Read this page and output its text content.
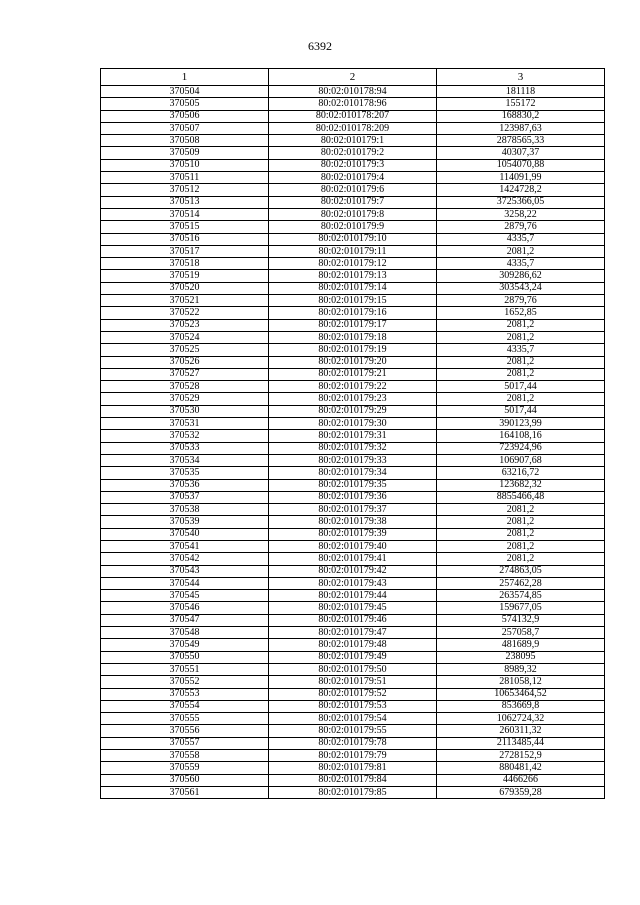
6392
1	2	3
370504	80:02:010178:94	181118
370505	80:02:010178:96	155172
370506	80:02:010178:207	168830,2
370507	80:02:010178:209	123987,63
370508	80:02:010179:1	2878565,33
370509	80:02:010179:2	40307,37
370510	80:02:010179:3	1054070,88
370511	80:02:010179:4	114091,99
370512	80:02:010179:6	1424728,2
370513	80:02:010179:7	3725366,05
370514	80:02:010179:8	3258,22
370515	80:02:010179:9	2879,76
370516	80:02:010179:10	4335,7
370517	80:02:010179:11	2081,2
370518	80:02:010179:12	4335,7
370519	80:02:010179:13	309286,62
370520	80:02:010179:14	303543,24
370521	80:02:010179:15	2879,76
370522	80:02:010179:16	1652,85
370523	80:02:010179:17	2081,2
370524	80:02:010179:18	2081,2
370525	80:02:010179:19	4335,7
370526	80:02:010179:20	2081,2
370527	80:02:010179:21	2081,2
370528	80:02:010179:22	5017,44
370529	80:02:010179:23	2081,2
370530	80:02:010179:29	5017,44
370531	80:02:010179:30	390123,99
370532	80:02:010179:31	164108,16
370533	80:02:010179:32	723924,96
370534	80:02:010179:33	106907,68
370535	80:02:010179:34	63216,72
370536	80:02:010179:35	123682,32
370537	80:02:010179:36	8855466,48
370538	80:02:010179:37	2081,2
370539	80:02:010179:38	2081,2
370540	80:02:010179:39	2081,2
370541	80:02:010179:40	2081,2
370542	80:02:010179:41	2081,2
370543	80:02:010179:42	274863,05
370544	80:02:010179:43	257462,28
370545	80:02:010179:44	263574,85
370546	80:02:010179:45	159677,05
370547	80:02:010179:46	574132,9
370548	80:02:010179:47	257058,7
370549	80:02:010179:48	481689,9
370550	80:02:010179:49	238095
370551	80:02:010179:50	8989,32
370552	80:02:010179:51	281058,12
370553	80:02:010179:52	10653464,52
370554	80:02:010179:53	853669,8
370555	80:02:010179:54	1062724,32
370556	80:02:010179:55	260311,32
370557	80:02:010179:78	2113485,44
370558	80:02:010179:79	2728152,9
370559	80:02:010179:81	880481,42
370560	80:02:010179:84	4466266
370561	80:02:010179:85	679359,28
